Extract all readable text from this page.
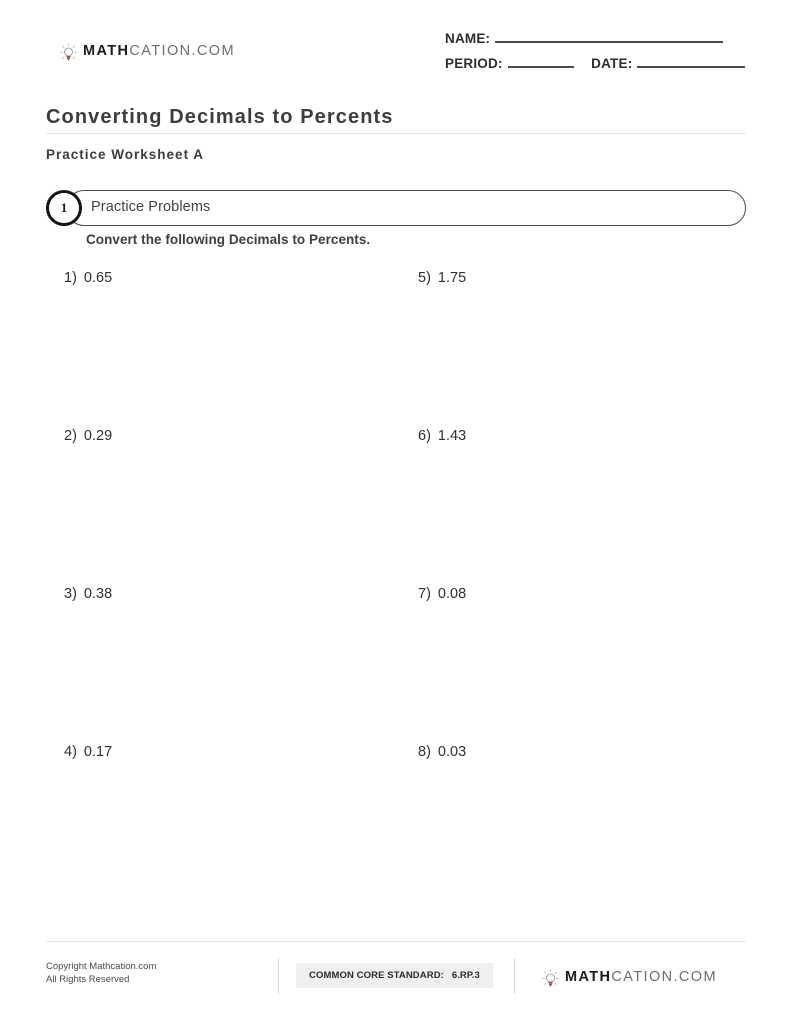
MATHCATION.COM
NAME:
PERIOD:	DATE:
Converting Decimals to Percents
Practice Worksheet A
Practice Problems
1
Convert the following Decimals to Percents.
1) 0.65	5) 1.75
2) 0.29	6) 1.43
3) 0.38	7) 0.08
4) 0.17	8) 0.03
Copyright Mathcation.com
All Rights Reserved	COMMON CORE STANDARD: 6.RP.3	MATHCATION.COM
